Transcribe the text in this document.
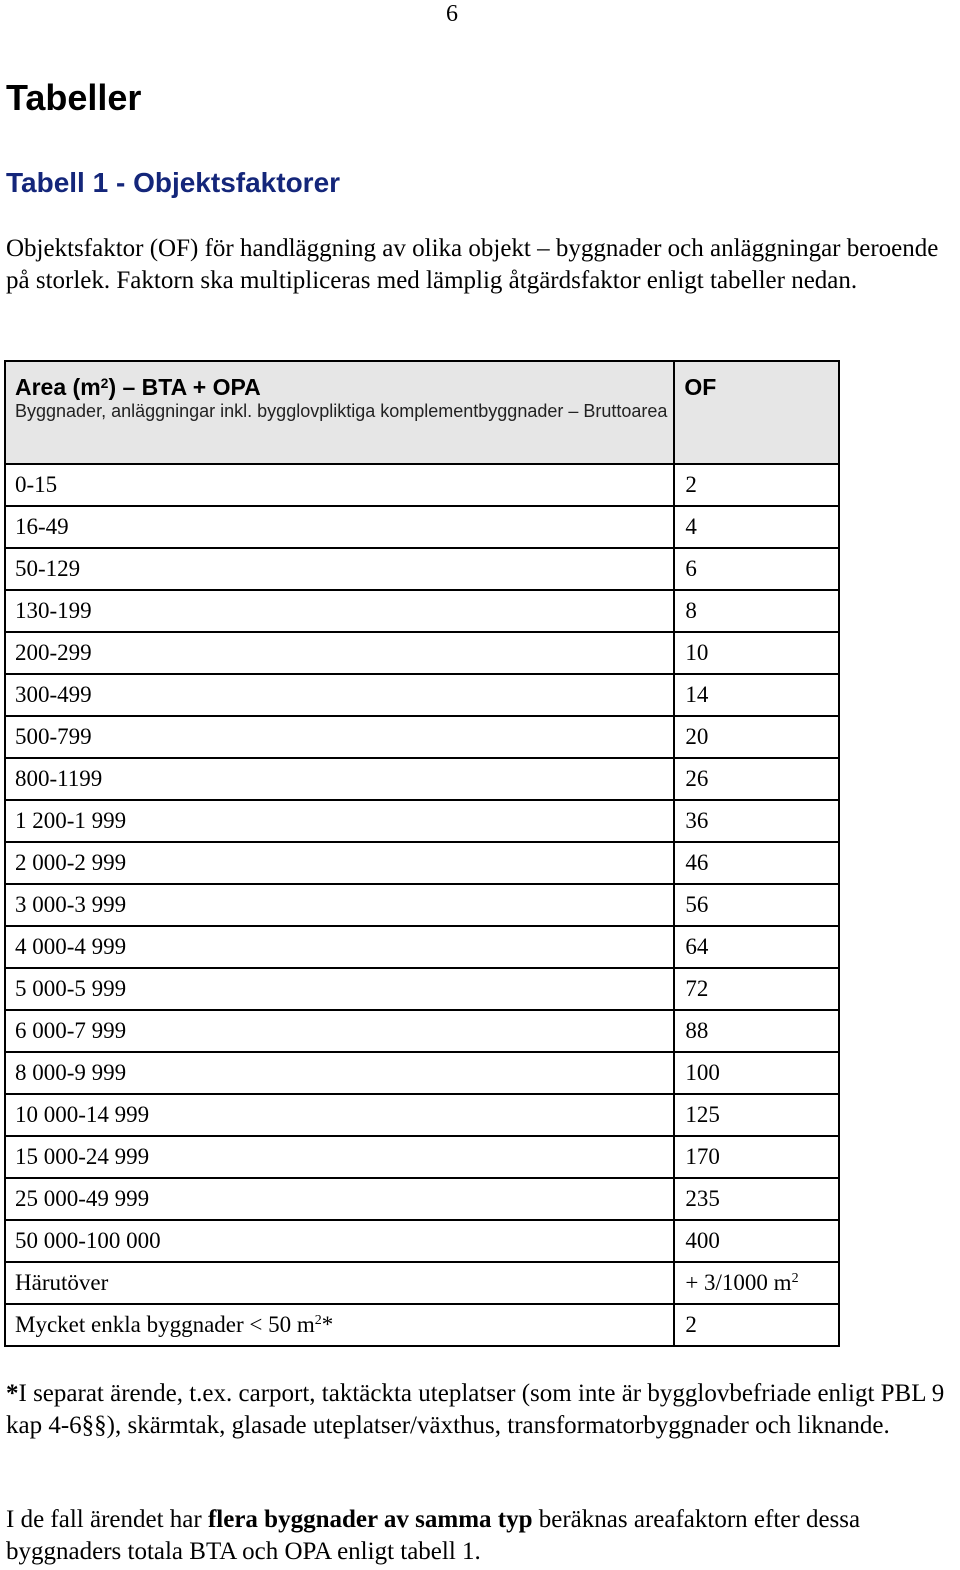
6
Tabeller
Tabell 1 - Objektsfaktorer

Objektsfaktor (OF) för handläggning av olika objekt – byggnader och anläggningar beroende på storlek. Faktorn ska multipliceras med lämplig åtgärdsfaktor enligt tabeller nedan.

Area $(m^2)$ – BTA + OPA
Byggnader, anläggningar inkl. bygglovpliktiga komplementbyggnader – Bruttoarea	OF

0-15	2
16-49	4
50-129	6
130-199	8
200-299	10
300-499	14
500-799	20
800-1199	26
1 200-1 999	36
2 000-2 999	46
3 000-3 999	56
4 000-4 999	64
5 000-5 999	72
6 000-7 999	88
8 000-9 999	100
10 000-14 999	125
15 000-24 999	170
25 000-49 999	235
50 000-100 000	400
Härutöver	+ 3/1000 $m^2$
Mycket enkla byggnader < 50 $m^2*$	2

*I separat ärende, t.ex. carport, taktäckta uteplatser (som inte är bygglovbefriade enligt PBL 9 kap 4-6§§), skärmtak, glasade uteplatser/växthus, transformatorbyggnader och liknande.

I de fall ärendet har flera byggnader av samma typ beräknas areafaktorn efter dessa byggnaders totala BTA och OPA enligt tabell 1.
